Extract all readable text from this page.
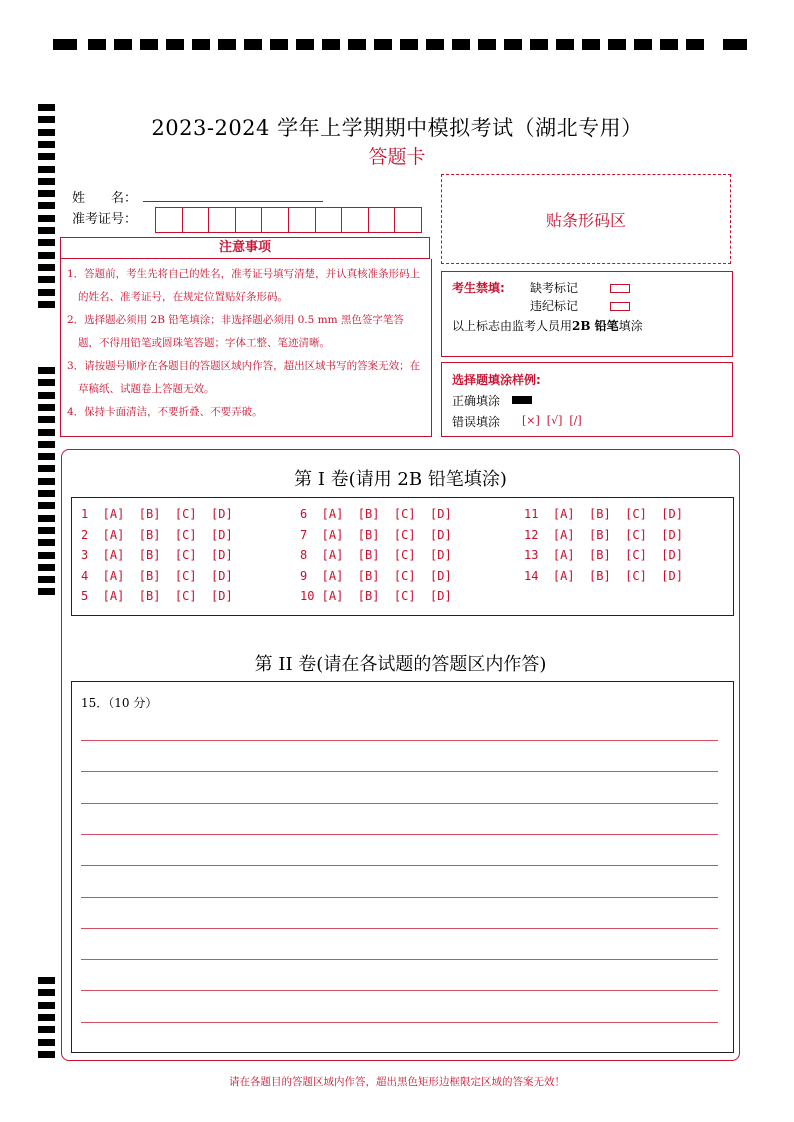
2023-2024 学年上学期期中模拟考试（湖北专用）
答题卡
姓　　名：
准考证号：	贴条形码区
注意事项
1．答题前，考生先将自己的姓名，准考证号填写清楚，并认真核准条形码上的姓名、准考证号，在规定位置贴好条形码。
2．选择题必须用 2B 铅笔填涂；非选择题必须用 0.5 mm 黑色签字笔答题，不得用铅笔或圆珠笔答题；字体工整、笔迹清晰。
3．请按题号顺序在各题目的答题区域内作答，超出区域书写的答案无效；在草稿纸、试题卷上答题无效。
4．保持卡面清洁，不要折叠、不要弄破。
考生禁填: 缺考标记
违纪标记
以上标志由监考人员用2B 铅笔填涂
选择题填涂样例:
正确填涂
错误填涂 [×]  [√]  [/]
第 I 卷(请用 2B 铅笔填涂)
1  [A]  [B]  [C]  [D]
2  [A]  [B]  [C]  [D]
3  [A]  [B]  [C]  [D]
4  [A]  [B]  [C]  [D]
5  [A]  [B]  [C]  [D]
6  [A]  [B]  [C]  [D]
7  [A]  [B]  [C]  [D]
8  [A]  [B]  [C]  [D]
9  [A]  [B]  [C]  [D]
10 [A]  [B]  [C]  [D]
11  [A]  [B]  [C]  [D]
12  [A]  [B]  [C]  [D]
13  [A]  [B]  [C]  [D]
14  [A]  [B]  [C]  [D]
第 II 卷(请在各试题的答题区内作答)
15．（10 分）
请在各题目的答题区域内作答，超出黑色矩形边框限定区域的答案无效！
